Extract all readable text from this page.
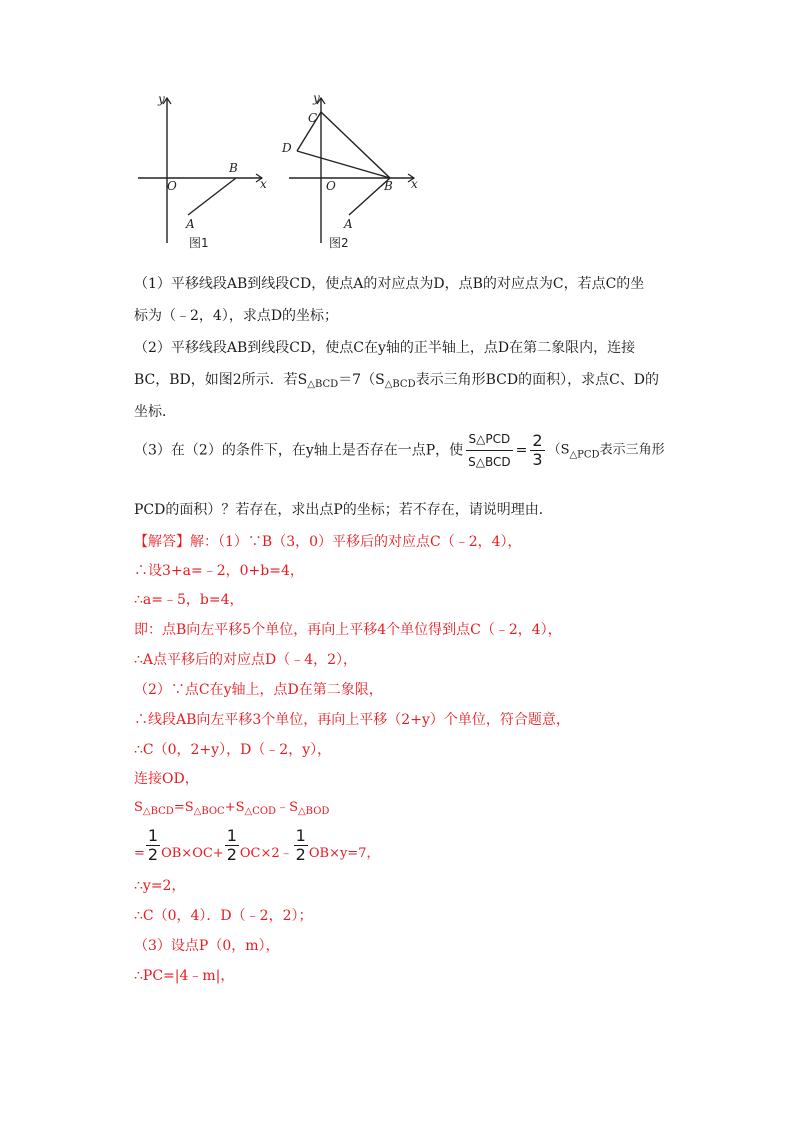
y
x
O
B
A
图1
y
C
D
x
O	B
A
图2
（1）平移线段AB到线段CD，使点A的对应点为D，点B的对应点为C，若点C的坐
标为（﹣2，4），求点D的坐标；
（2）平移线段AB到线段CD，使点C在y轴的正半轴上，点D在第二象限内，连接
BC，BD，如图2所示．若$S_{\triangle BCD}=7(S_{\triangle BCD}$表示三角形BCD的面积），求点C、D的
坐标．
（3）在（2）的条件下，在y轴上是否存在一点P，使 $\frac{\text{S△PCD}}{\text{S△BCD}} = \frac{2}{3} (S_{\triangle PCD}$表示三角形
PCD的面积）？若存在，求出点P的坐标；若不存在，请说明理由．
【解答】解：（1）∵B（3，0）平移后的对应点C（﹣2，4），
∴设3+a=﹣2，0+b=4，
∴a=﹣5，b=4，
即：点B向左平移5个单位，再向上平移4个单位得到点C（﹣2，4），
∴A点平移后的对应点D（﹣4，2），
（2）∵点C在y轴上，点D在第二象限，
∴线段AB向左平移3个单位，再向上平移（2+y）个单位，符合题意，
∴C（0，2+y），D（﹣2，y），
连接OD，
$S_{\triangle BCD}=S_{\triangle BOC}+S_{\triangle COD}﹣S_{\triangle BOD}$
= $\frac{1}{2} OB\times OC+ \frac{1}{2}$ OC×2﹣ $\frac{1}{2} OB\times y=7$，
∴y=2，
∴C（0，4）．D（﹣2，2）；
（3）设点P（0，m），
∴PC=|4﹣m|，
